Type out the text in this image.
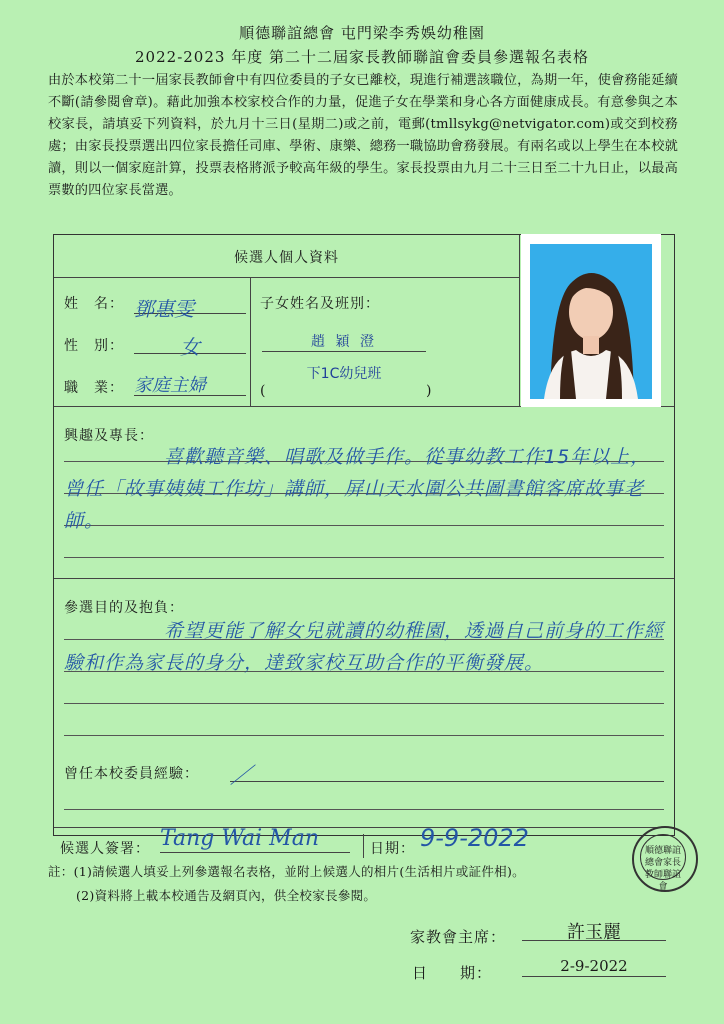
順德聯誼總會 屯門梁李秀娛幼稚園
2022-2023 年度 第二十二屆家長教師聯誼會委員參選報名表格
由於本校第二十一屆家長教師會中有四位委員的子女已離校，現進行補選該職位，為期一年，使會務能延續不斷(請參閱會章)。藉此加強本校家校合作的力量，促進子女在學業和身心各方面健康成長。有意參與之本校家長，請填妥下列資料，於九月十三日(星期二)或之前，電郵(tmllsykg@netvigator.com)或交到校務處；由家長投票選出四位家長擔任司庫、學術、康樂、總務一職協助會務發展。有兩名或以上學生在本校就讀，則以一個家庭計算，投票表格將派予較高年級的學生。家長投票由九月二十三日至二十九日止，以最高票數的四位家長當選。
候選人個人資料
姓　名： 鄧惠雯
性　別：	女
職　業： 家庭主婦
子女姓名及班別：
趙 穎 澄
下1C幼兒班
(	)
興趣及專長：
喜歡聽音樂、唱歌及做手作。從事幼教工作15年以上，曾任「故事姨姨工作坊」講師，屏山天水圍公共圖書館客席故事老師。
參選目的及抱負：
希望更能了解女兒就讀的幼稚園，透過自己前身的工作經驗和作為家長的身分，達致家校互助合作的平衡發展。
曾任本校委員經驗： ／
候選人簽署： Tang Wai Man	日期： 9-9-2022	順德聯誼總會家長教師聯誼會
註：(1)請候選人填妥上列參選報名表格，並附上候選人的相片(生活相片或証件相)。
(2)資料將上載本校通告及網頁內，供全校家長參閱。
家教會主席：	許玉麗
日　　期：	2-9-2022
